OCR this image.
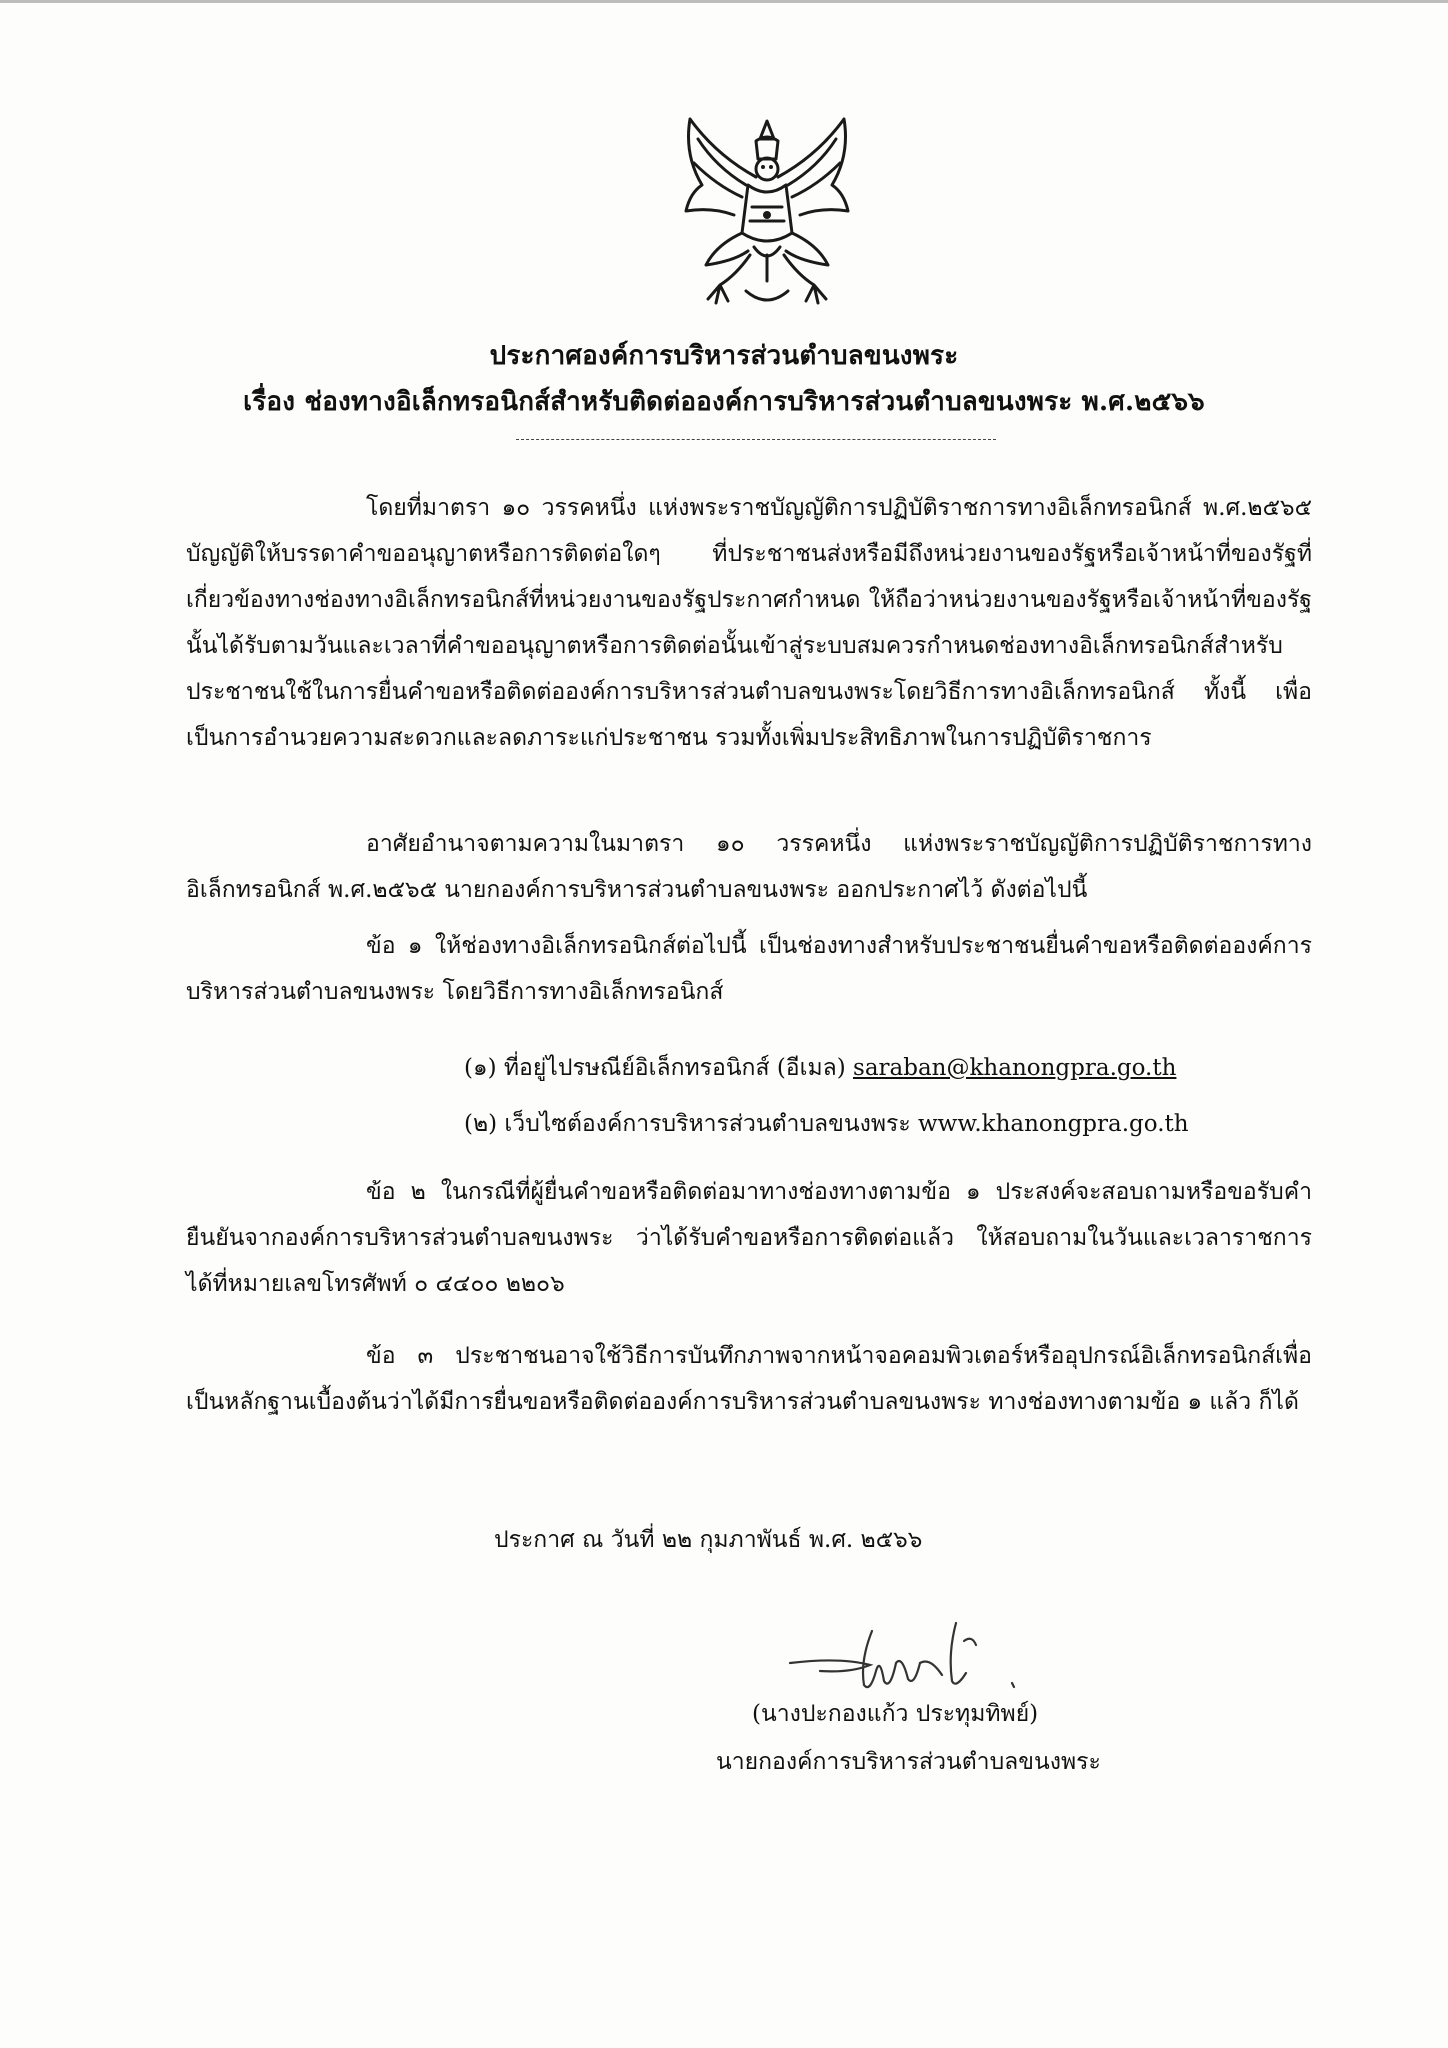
ประกาศองค์การบริหารส่วนตำบลขนงพระ
เรื่อง ช่องทางอิเล็กทรอนิกส์สำหรับติดต่อองค์การบริหารส่วนตำบลขนงพระ พ.ศ.๒๕๖๖
โดยที่มาตรา ๑๐ วรรคหนึ่ง แห่งพระราชบัญญัติการปฏิบัติราชการทางอิเล็กทรอนิกส์ พ.ศ.๒๕๖๕ บัญญัติให้บรรดาคำขออนุญาตหรือการติดต่อใดๆ ที่ประชาชนส่งหรือมีถึงหน่วยงานของรัฐหรือเจ้าหน้าที่ของรัฐที่เกี่ยวข้องทางช่องทางอิเล็กทรอนิกส์ที่หน่วยงานของรัฐประกาศกำหนด ให้ถือว่าหน่วยงานของรัฐหรือเจ้าหน้าที่ของรัฐนั้นได้รับตามวันและเวลาที่คำขออนุญาตหรือการติดต่อนั้นเข้าสู่ระบบสมควรกำหนดช่องทางอิเล็กทรอนิกส์สำหรับประชาชนใช้ในการยื่นคำขอหรือติดต่อองค์การบริหารส่วนตำบลขนงพระโดยวิธีการทางอิเล็กทรอนิกส์ ทั้งนี้ เพื่อเป็นการอำนวยความสะดวกและลดภาระแก่ประชาชน รวมทั้งเพิ่มประสิทธิภาพในการปฏิบัติราชการ
อาศัยอำนาจตามความในมาตรา ๑๐ วรรคหนึ่ง แห่งพระราชบัญญัติการปฏิบัติราชการทางอิเล็กทรอนิกส์ พ.ศ.๒๕๖๕ นายกองค์การบริหารส่วนตำบลขนงพระ ออกประกาศไว้ ดังต่อไปนี้
ข้อ ๑ ให้ช่องทางอิเล็กทรอนิกส์ต่อไปนี้ เป็นช่องทางสำหรับประชาชนยื่นคำขอหรือติดต่อองค์การบริหารส่วนตำบลขนงพระ โดยวิธีการทางอิเล็กทรอนิกส์
(๑) ที่อยู่ไปรษณีย์อิเล็กทรอนิกส์ (อีเมล) saraban@khanongpra.go.th
(๒) เว็บไซต์องค์การบริหารส่วนตำบลขนงพระ www.khanongpra.go.th
ข้อ ๒ ในกรณีที่ผู้ยื่นคำขอหรือติดต่อมาทางช่องทางตามข้อ ๑ ประสงค์จะสอบถามหรือขอรับคำยืนยันจากองค์การบริหารส่วนตำบลขนงพระ ว่าได้รับคำขอหรือการติดต่อแล้ว ให้สอบถามในวันและเวลาราชการได้ที่หมายเลขโทรศัพท์ ๐ ๔๔๐๐ ๒๒๐๖
ข้อ ๓ ประชาชนอาจใช้วิธีการบันทึกภาพจากหน้าจอคอมพิวเตอร์หรืออุปกรณ์อิเล็กทรอนิกส์เพื่อเป็นหลักฐานเบื้องต้นว่าได้มีการยื่นขอหรือติดต่อองค์การบริหารส่วนตำบลขนงพระ ทางช่องทางตามข้อ ๑ แล้ว ก็ได้
ประกาศ ณ วันที่ ๒๒ กุมภาพันธ์ พ.ศ. ๒๕๖๖
(นางปะกองแก้ว ประทุมทิพย์)
นายกองค์การบริหารส่วนตำบลขนงพระ
